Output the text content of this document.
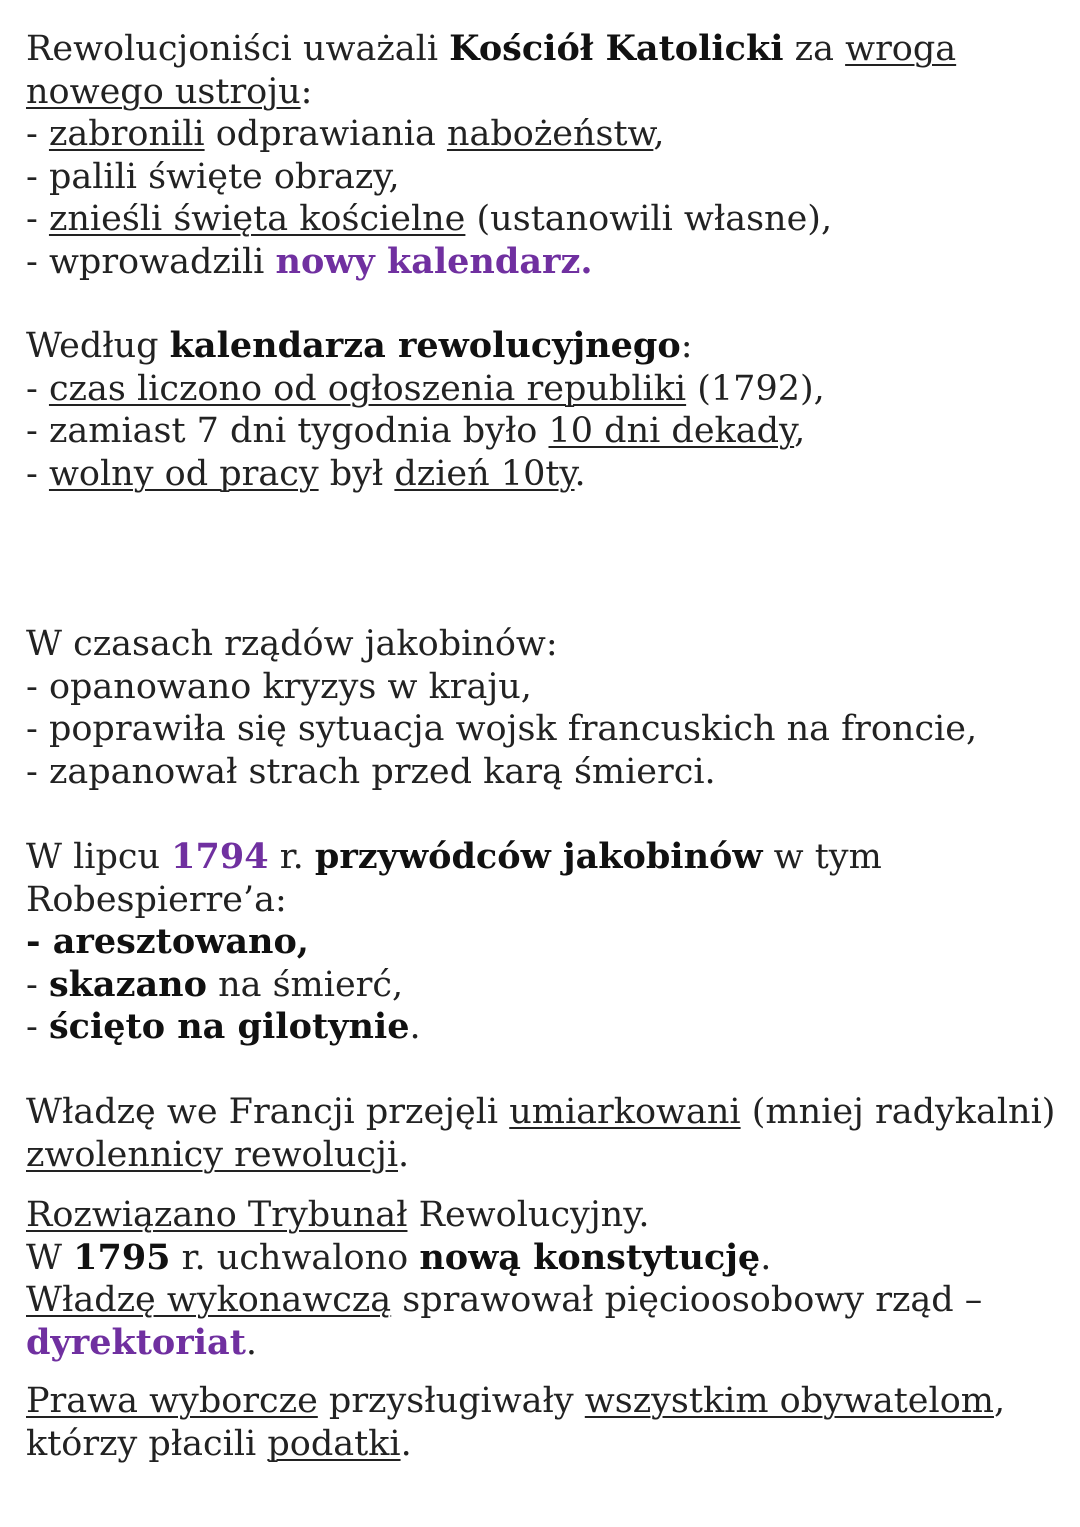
Rewolucjoniści uważali Kościół Katolicki za wroga nowego ustroju:

- zabronili odprawiania nabożeństw,

- palili święte obrazy,

- znieśli święta kościelne (ustanowili własne),

- wprowadzili nowy kalendarz.

Według kalendarza rewolucyjnego:

- czas liczono od ogłoszenia republiki (1792),

- zamiast 7 dni tygodnia było 10 dni dekady,

- wolny od pracy był dzień 10ty.

W czasach rządów jakobinów:

- opanowano kryzys w kraju,

- poprawiła się sytuacja wojsk francuskich na froncie,

- zapanował strach przed karą śmierci.

W lipcu 1794 r. przywódców jakobinów w tym

Robespierre’a:

- aresztowano,

- skazano na śmierć,

- ścięto na gilotynie.

Władzę we Francji przejęli umiarkowani (mniej radykalni) zwolennicy rewolucji.

Rozwiązano Trybunał Rewolucyjny.

W 1795 r. uchwalono nową konstytucję.

Władzę wykonawczą sprawował pięcioosobowy rząd –

dyrektoriat.

Prawa wyborcze przysługiwały wszystkim obywatelom, którzy płacili podatki.
